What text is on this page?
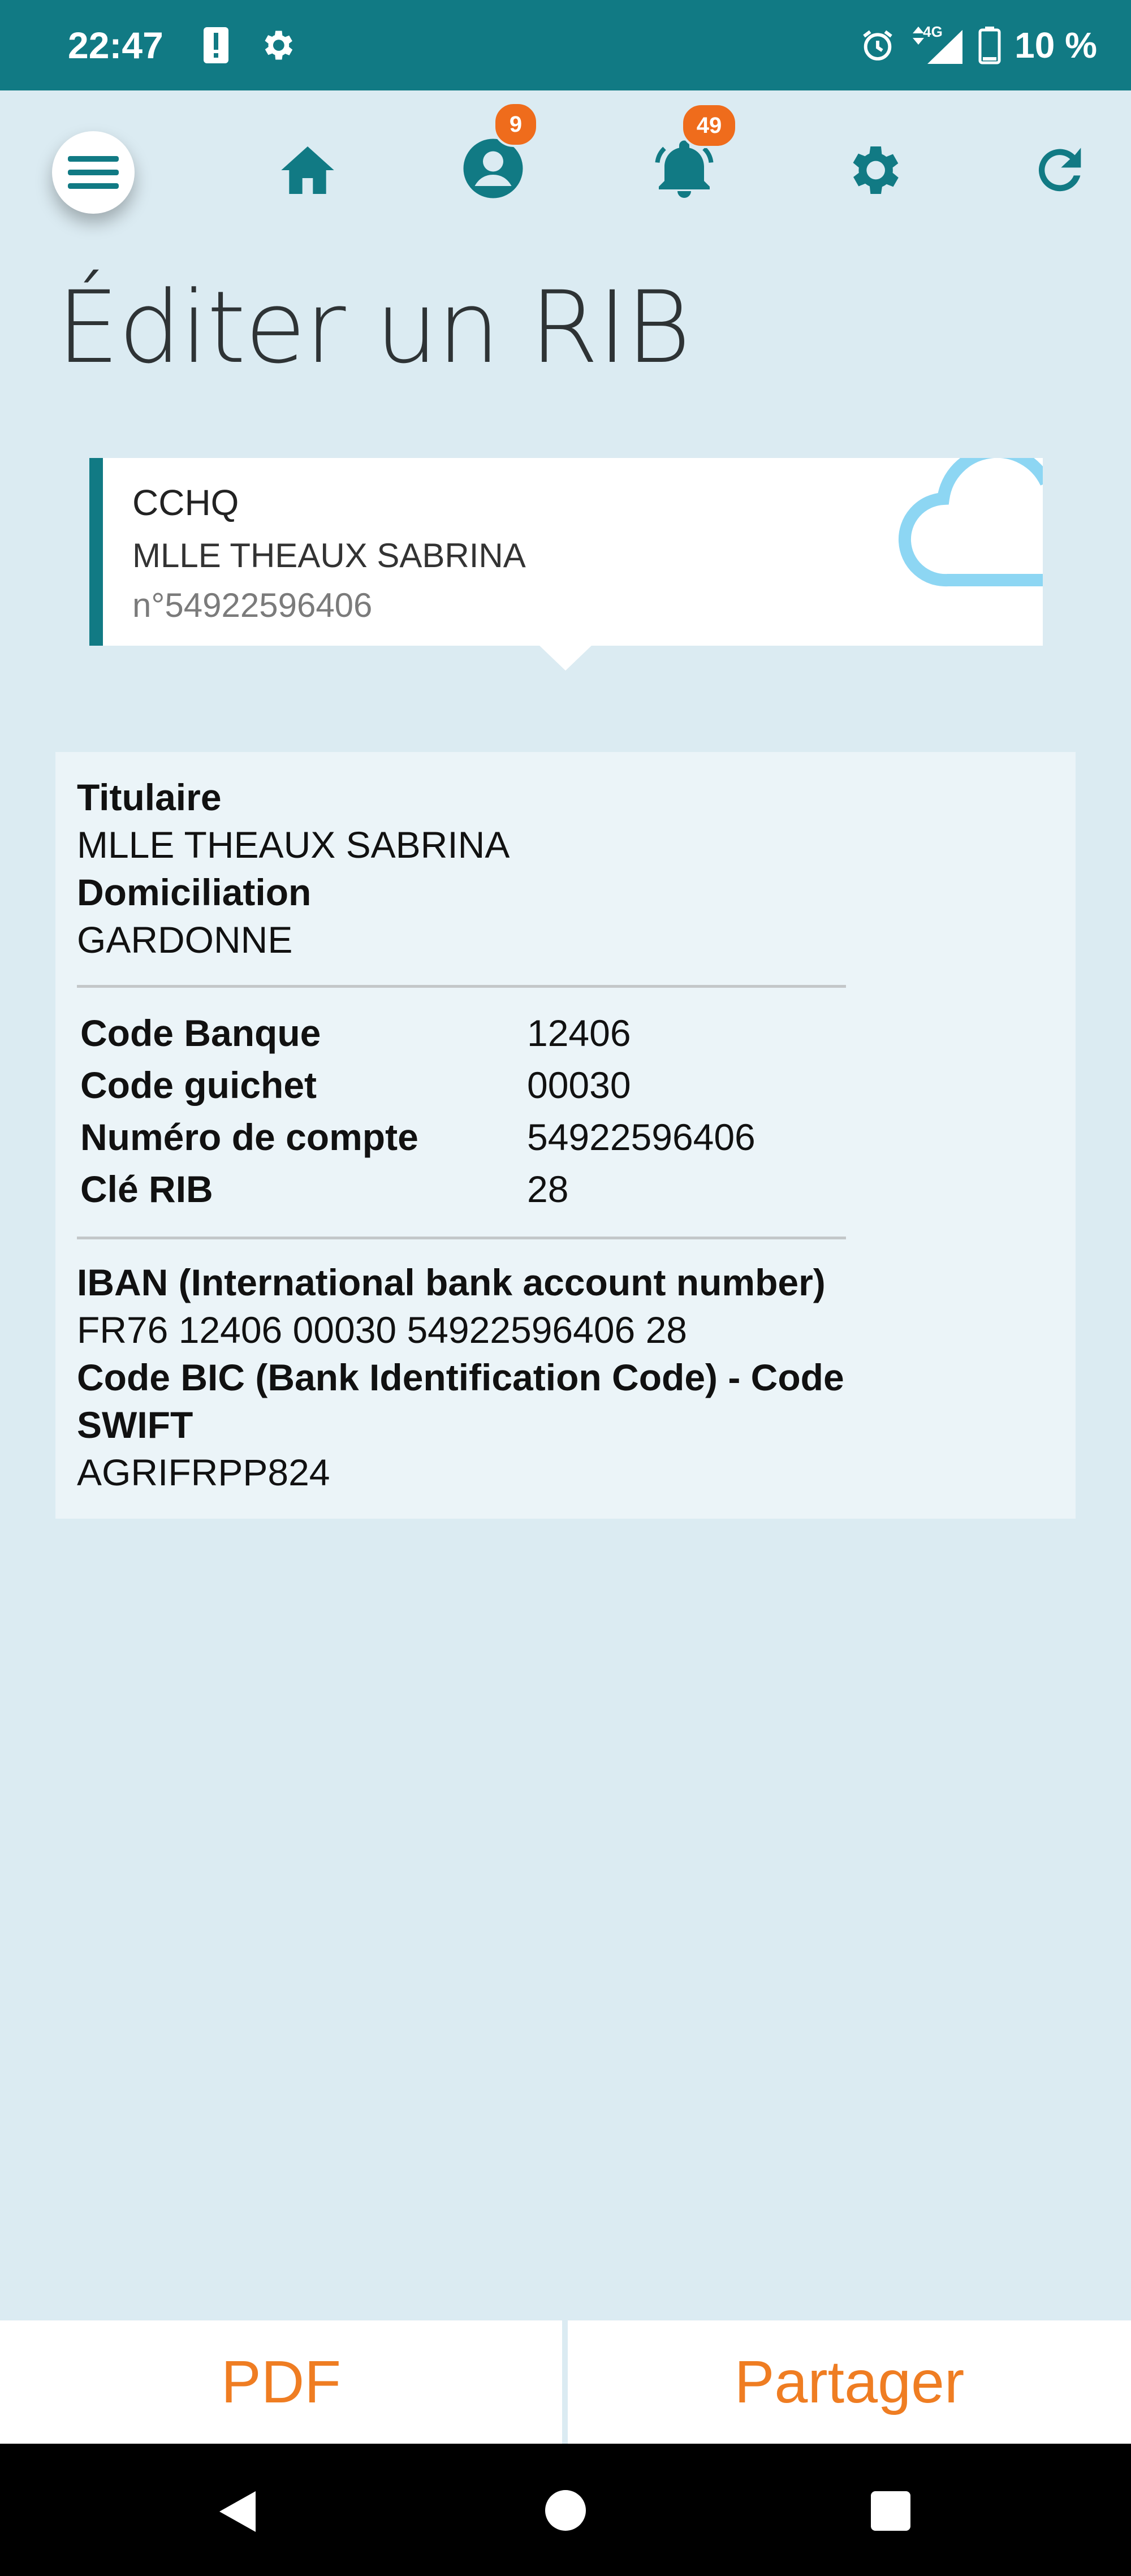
22:47	4G 10 %
9	49
Éditer un RIB
CCHQ
MLLE THEAUX SABRINA
n°54922596406
Titulaire
MLLE THEAUX SABRINA
Domiciliation
GARDONNE
Code Banque	12406
Code guichet	00030
Numéro de compte	54922596406
Clé RIB	28
IBAN (International bank account number)
FR76 12406 00030 54922596406 28
Code BIC (Bank Identification Code) - Code SWIFT
AGRIFRPP824
PDF	Partager
